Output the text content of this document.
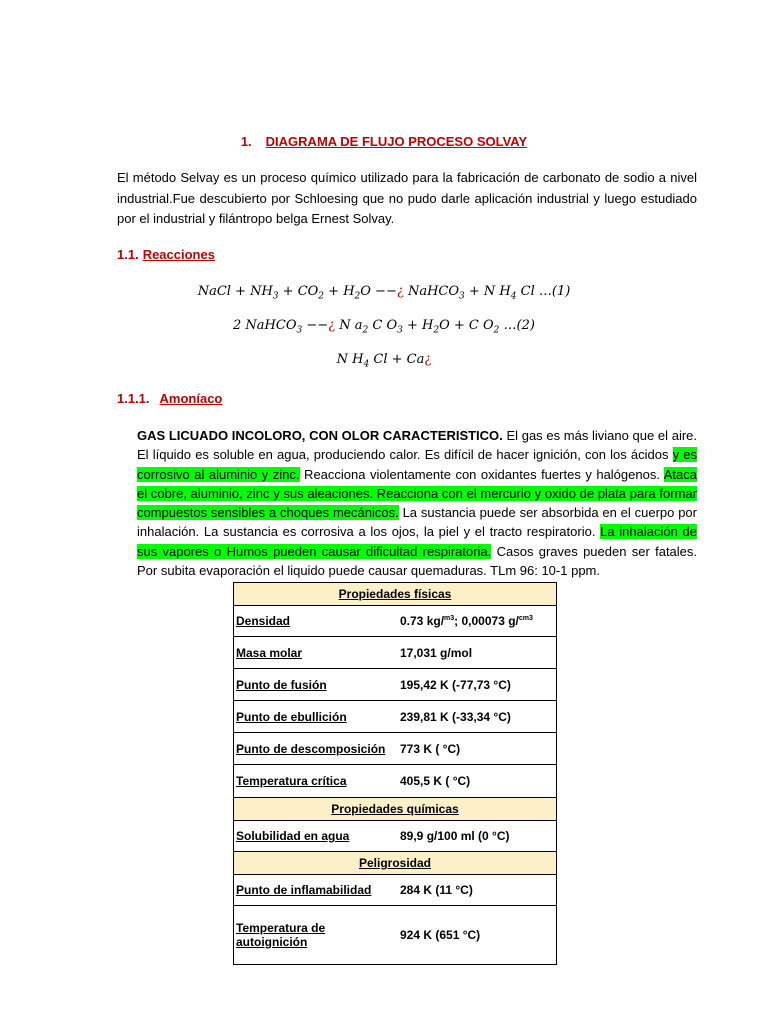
1. DIAGRAMA DE FLUJO PROCESO SOLVAY
El método Selvay es un proceso químico utilizado para la fabricación de carbonato de sodio a nivel industrial.Fue descubierto por Schloesing que no pudo darle aplicación industrial y luego estudiado por el industrial y filántropo belga Ernest Solvay.
1.1. Reacciones
NaCl + $NH_3 + CO_2 + H_2O$ −−¿ NaHCO$_3$ + N $H_4$ Cl …(1)
2 NaHCO$_3$ −−¿ N $a_2$ C $O_3 + H_2O + C$ $O_2$ …(2)
N $H_4$ Cl + Ca¿
1.1.1. Amoníaco
GAS LICUADO INCOLORO, CON OLOR CARACTERISTICO. El gas es más liviano que el aire. El líquido es soluble en agua, produciendo calor. Es difícil de hacer ignición, con los ácidos y es corrosivo al aluminio y zinc. Reacciona violentamente con oxidantes fuertes y halógenos. Ataca el cobre, aluminio, zinc y sus aleaciones. Reacciona con el mercurio y oxido de plata para formar compuestos sensibles a choques mecánicos. La sustancia puede ser absorbida en el cuerpo por inhalación. La sustancia es corrosiva a los ojos, la piel y el tracto respiratorio. La inhalación de sus vapores o Humos pueden causar dificultad respiratoria. Casos graves pueden ser fatales. Por subita evaporación el liquido puede causar quemaduras. TLm 96: 10-1 ppm.
Propiedades físicas	
Densidad	0.73 kg/$^{m3}$; 0,00073 g/$^{cm3}$
Masa molar	17,031 g/mol
Punto de fusión	195,42 K (-77,73 °C)
Punto de ebullición	239,81 K (-33,34 °C)
Punto de descomposición	773 K ( °C)
Temperatura crítica	405,5 K ( °C)
Propiedades químicas	
Solubilidad en agua	89,9 g/100 ml (0 °C)
Peligrosidad	
Punto de inflamabilidad	284 K (11 °C)
Temperatura de
autoignición	924 K (651 °C)
